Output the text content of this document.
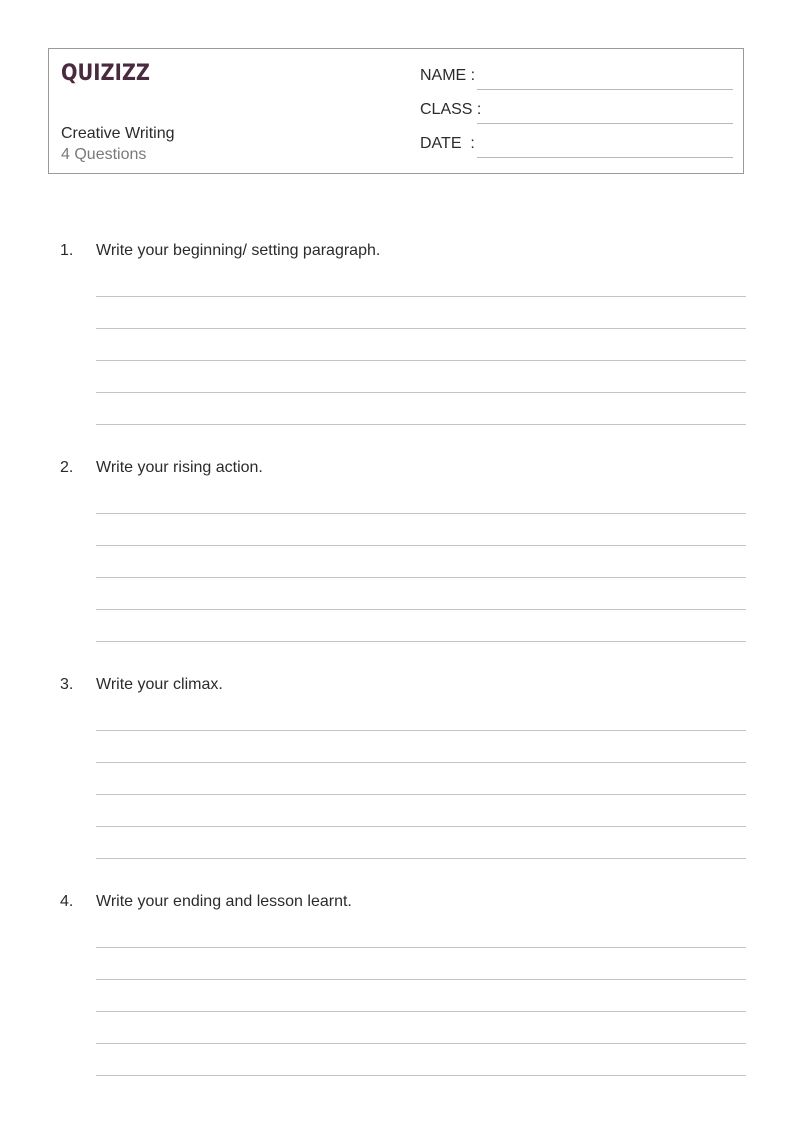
QUIZIZZ
Creative Writing
4 Questions
NAME :
CLASS :
DATE  :
1. Write your beginning/ setting paragraph.
2. Write your rising action.
3. Write your climax.
4. Write your ending and lesson learnt.
